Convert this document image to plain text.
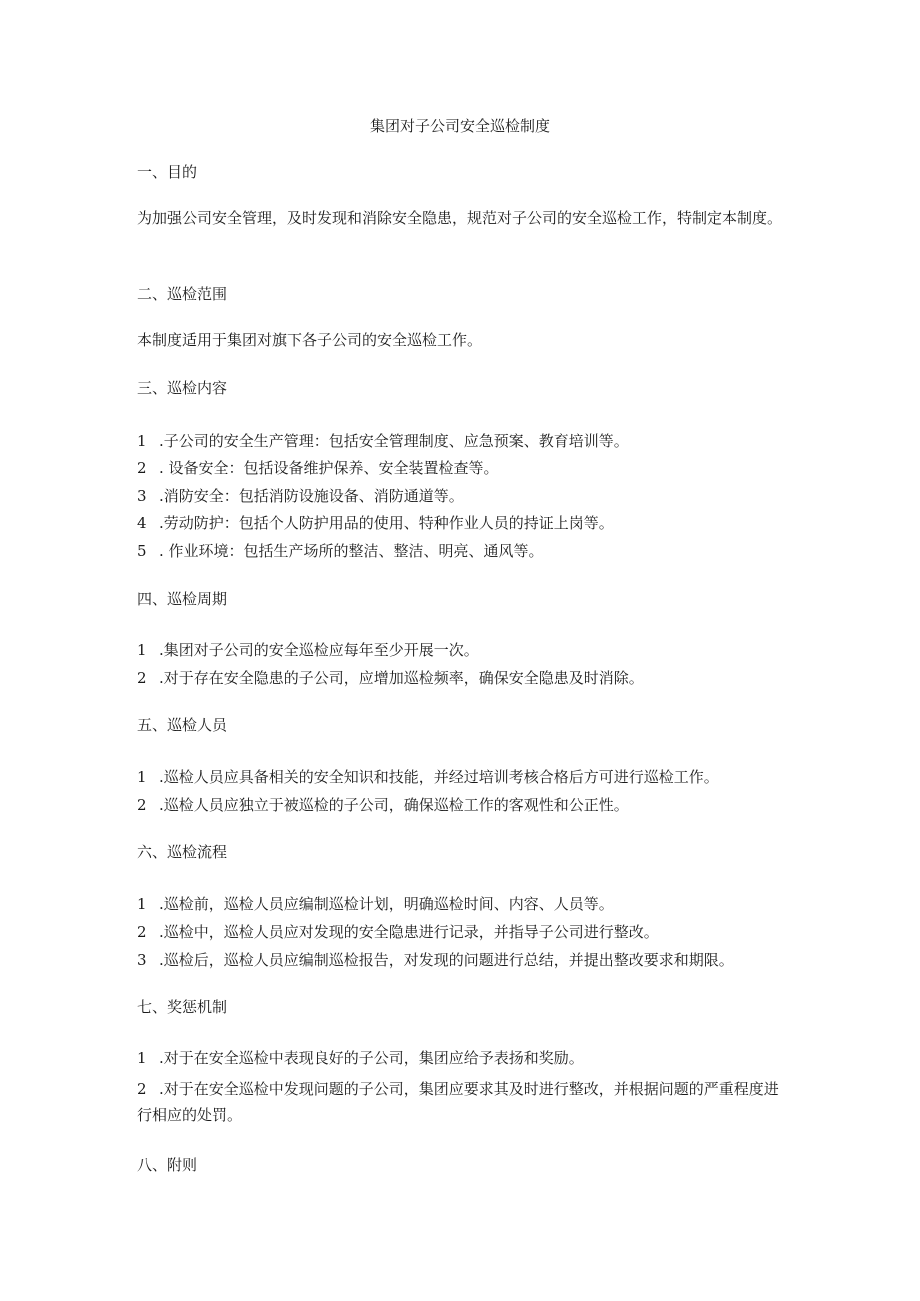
集团对子公司安全巡检制度
一、目的
为加强公司安全管理，及时发现和消除安全隐患，规范对子公司的安全巡检工作，特制定本制度。
二、巡检范围
本制度适用于集团对旗下各子公司的安全巡检工作。
三、巡检内容
1 .子公司的安全生产管理：包括安全管理制度、应急预案、教育培训等。
2 . 设备安全：包括设备维护保养、安全装置检查等。
3 .消防安全：包括消防设施设备、消防通道等。
4 .劳动防护：包括个人防护用品的使用、特种作业人员的持证上岗等。
5 . 作业环境：包括生产场所的整洁、整洁、明亮、通风等。
四、巡检周期
1 .集团对子公司的安全巡检应每年至少开展一次。
2 .对于存在安全隐患的子公司，应增加巡检频率，确保安全隐患及时消除。
五、巡检人员
1 .巡检人员应具备相关的安全知识和技能，并经过培训考核合格后方可进行巡检工作。
2 .巡检人员应独立于被巡检的子公司，确保巡检工作的客观性和公正性。
六、巡检流程
1 .巡检前，巡检人员应编制巡检计划，明确巡检时间、内容、人员等。
2 .巡检中，巡检人员应对发现的安全隐患进行记录，并指导子公司进行整改。
3 .巡检后，巡检人员应编制巡检报告，对发现的问题进行总结，并提出整改要求和期限。
七、奖惩机制
1 .对于在安全巡检中表现良好的子公司，集团应给予表扬和奖励。
2 .对于在安全巡检中发现问题的子公司，集团应要求其及时进行整改，并根据问题的严重程度进行相应的处罚。
八、附则
